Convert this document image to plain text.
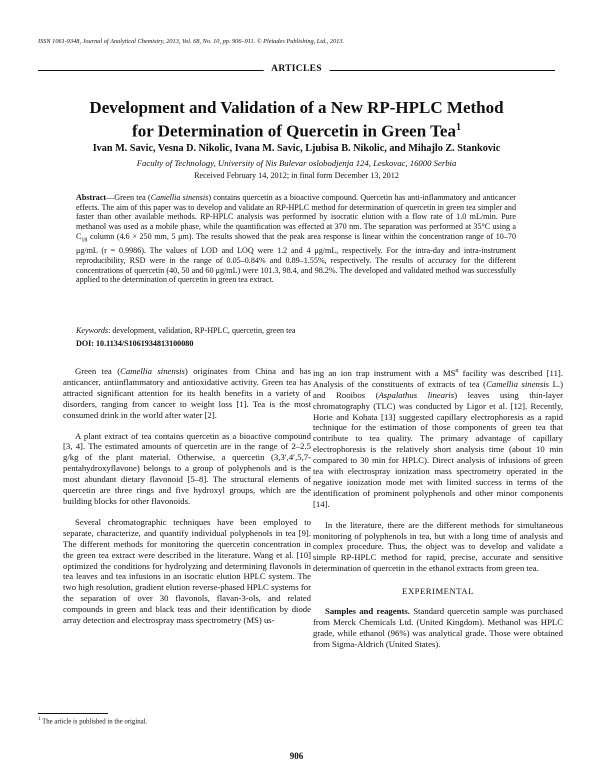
ISSN 1061-9348, Journal of Analytical Chemistry, 2013, Vol. 68, No. 10, pp. 906–911. © Pleiades Publishing, Ltd., 2013.
ARTICLES
Development and Validation of a New RP-HPLC Method
for Determination of Quercetin in Green Tea$^1$
Ivan M. Savic, Vesna D. Nikolic, Ivana M. Savic, Ljubisa B. Nikolic, and Mihajlo Z. Stankovic
Faculty of Technology, University of Nis Bulevar oslobodjenja 124, Leskovac, 16000 Serbia
Received February 14, 2012; in final form December 13, 2012
Abstract—Green tea (Camellia sinensis) contains quercetin as a bioactive compound. Quercetin has anti-inflammatory and anticancer effects. The aim of this paper was to develop and validate an RP-HPLC method for determination of quercetin in green tea simpler and faster than other available methods. RP-HPLC analysis was performed by isocratic elution with a flow rate of 1.0 mL/min. Pure methanol was used as a mobile phase, while the quantification was effected at 370 nm. The separation was performed at 35°C using a $C_{18}$ column (4.6 × 250 mm, 5 μm). The results showed that the peak area response is linear within the concentration range of 10–70 μg/mL (r = 0.9986). The values of LOD and LOQ were 1.2 and 4 μg/mL, respectively. For the intra-day and intra-instrument reproducibility, RSD were in the range of 0.05–0.84% and 0.89–1.55%, respectively. The results of accuracy for the different concentrations of quercetin (40, 50 and 60 μg/mL) were 101.3, 98.4, and 98.2%. The developed and validated method was successfully applied to the determination of quercetin in green tea extract.
Keywords: development, validation, RP-HPLC, quercetin, green tea
DOI: 10.1134/S1061934813100080

Green tea (Camellia sinensis) originates from China and has anticancer, antiinflammatory and antioxidative activity. Green tea has attracted significant attention for its health benefits in a variety of disorders, ranging from cancer to weight loss [1]. Tea is the most consumed drink in the world after water [2].

A plant extract of tea contains quercetin as a bioactive compound [3, 4]. The estimated amounts of quercetin are in the range of 2–2.5 g/kg of the plant material. Otherwise, a quercetin (3,3′,4′,5,7-pentahydroxyflavone) belongs to a group of polyphenols and is the most abundant dietary flavonoid [5–8]. The structural elements of quercetin are three rings and five hydroxyl groups, which are the building blocks for other flavonoids.

Several chromatographic techniques have been employed to separate, characterize, and quantify individual polyphenols in tea [9]. The different methods for monitoring the quercetin concentration in the green tea extract were described in the literature. Wang et al. [10] optimized the conditions for hydrolyzing and determining flavonols in tea leaves and tea infusions in an isocratic elution HPLC system. The two high resolution, gradient elution reverse-phased HPLC systems for the separation of over 30 flavonols, flavan-3-ols, and related compounds in green and black teas and their identification by diode array detection and electrospray mass spectrometry (MS) us-

ing an ion trap instrument with a $MS^n$ facility was described [11]. Analysis of the constituents of extracts of tea (Camellia sinensis L.) and Rooibos (Aspalathus linearis) leaves using thin-layer chromatography (TLC) was conducted by Ligor et al. [12]. Recently, Horie and Kohata [13] suggested capillary electrophoresis as a rapid technique for the estimation of those components of green tea that contribute to tea quality. The primary advantage of capillary electrophoresis is the relatively short analysis time (about 10 min compared to 30 min for HPLC). Direct analysis of infusions of green tea with electrospray ionization mass spectrometry operated in the negative ionization mode met with limited success in terms of the identification of prominent polyphenols and other minor components [14].

In the literature, there are the different methods for simultaneous monitoring of polyphenols in tea, but with a long time of analysis and complex procedure. Thus, the object was to develop and validate a simple RP-HPLC method for rapid, precise, accurate and sensitive determination of quercetin in the ethanol extracts from green tea.

EXPERIMENTAL

Samples and reagents. Standard quercetin sample was purchased from Merck Chemicals Ltd. (United Kingdom). Methanol was HPLC grade, while ethanol (96%) was analytical grade. Those were obtained from Sigma-Aldrich (United States).

$^1$ The article is published in the original.
906
